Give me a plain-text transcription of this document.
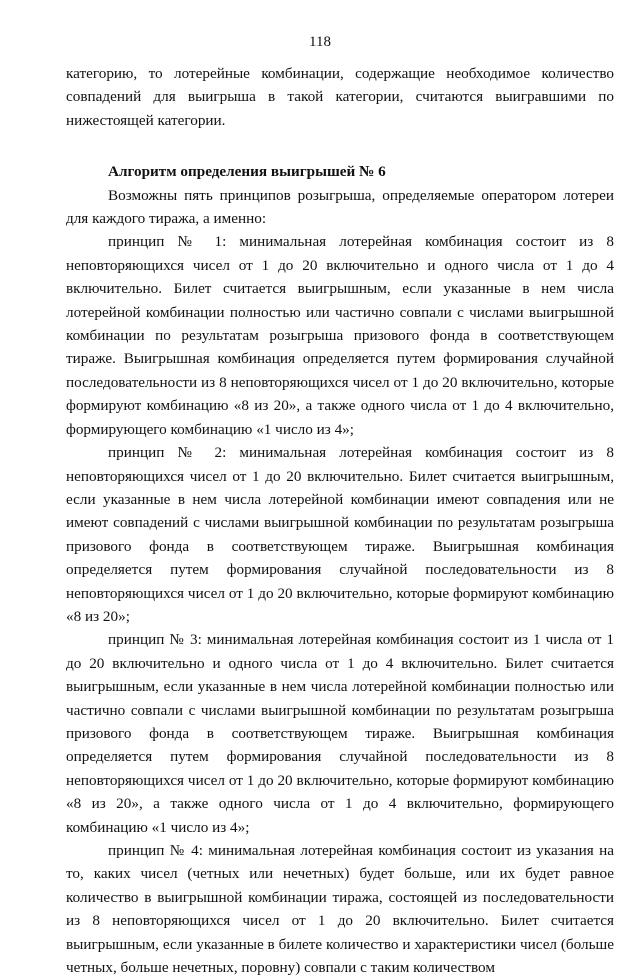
118

категорию, то лотерейные комбинации, содержащие необходимое количество совпадений для выигрыша в такой категории, считаются выигравшими по нижестоящей категории.

Алгоритм определения выигрышей № 6

Возможны пять принципов розыгрыша, определяемые оператором лотереи для каждого тиража, а именно:

принцип № 1: минимальная лотерейная комбинация состоит из 8 неповторяющихся чисел от 1 до 20 включительно и одного числа от 1 до 4 включительно. Билет считается выигрышным, если указанные в нем числа лотерейной комбинации полностью или частично совпали с числами выигрышной комбинации по результатам розыгрыша призового фонда в соответствующем тираже. Выигрышная комбинация определяется путем формирования случайной последовательности из 8 неповторяющихся чисел от 1 до 20 включительно, которые формируют комбинацию «8 из 20», а также одного числа от 1 до 4 включительно, формирующего комбинацию «1 число из 4»;

принцип № 2: минимальная лотерейная комбинация состоит из 8 неповторяющихся чисел от 1 до 20 включительно. Билет считается выигрышным, если указанные в нем числа лотерейной комбинации имеют совпадения или не имеют совпадений с числами выигрышной комбинации по результатам розыгрыша призового фонда в соответствующем тираже. Выигрышная комбинация определяется путем формирования случайной последовательности из 8 неповторяющихся чисел от 1 до 20 включительно, которые формируют комбинацию «8 из 20»;

принцип № 3: минимальная лотерейная комбинация состоит из 1 числа от 1 до 20 включительно и одного числа от 1 до 4 включительно. Билет считается выигрышным, если указанные в нем числа лотерейной комбинации полностью или частично совпали с числами выигрышной комбинации по результатам розыгрыша призового фонда в соответствующем тираже. Выигрышная комбинация определяется путем формирования случайной последовательности из 8 неповторяющихся чисел от 1 до 20 включительно, которые формируют комбинацию «8 из 20», а также одного числа от 1 до 4 включительно, формирующего комбинацию «1 число из 4»;

принцип № 4: минимальная лотерейная комбинация состоит из указания на то, каких чисел (четных или нечетных) будет больше, или их будет равное количество в выигрышной комбинации тиража, состоящей из последовательности из 8 неповторяющихся чисел от 1 до 20 включительно. Билет считается выигрышным, если указанные в билете количество и характеристики чисел (больше четных, больше нечетных, поровну) совпали с таким количеством
